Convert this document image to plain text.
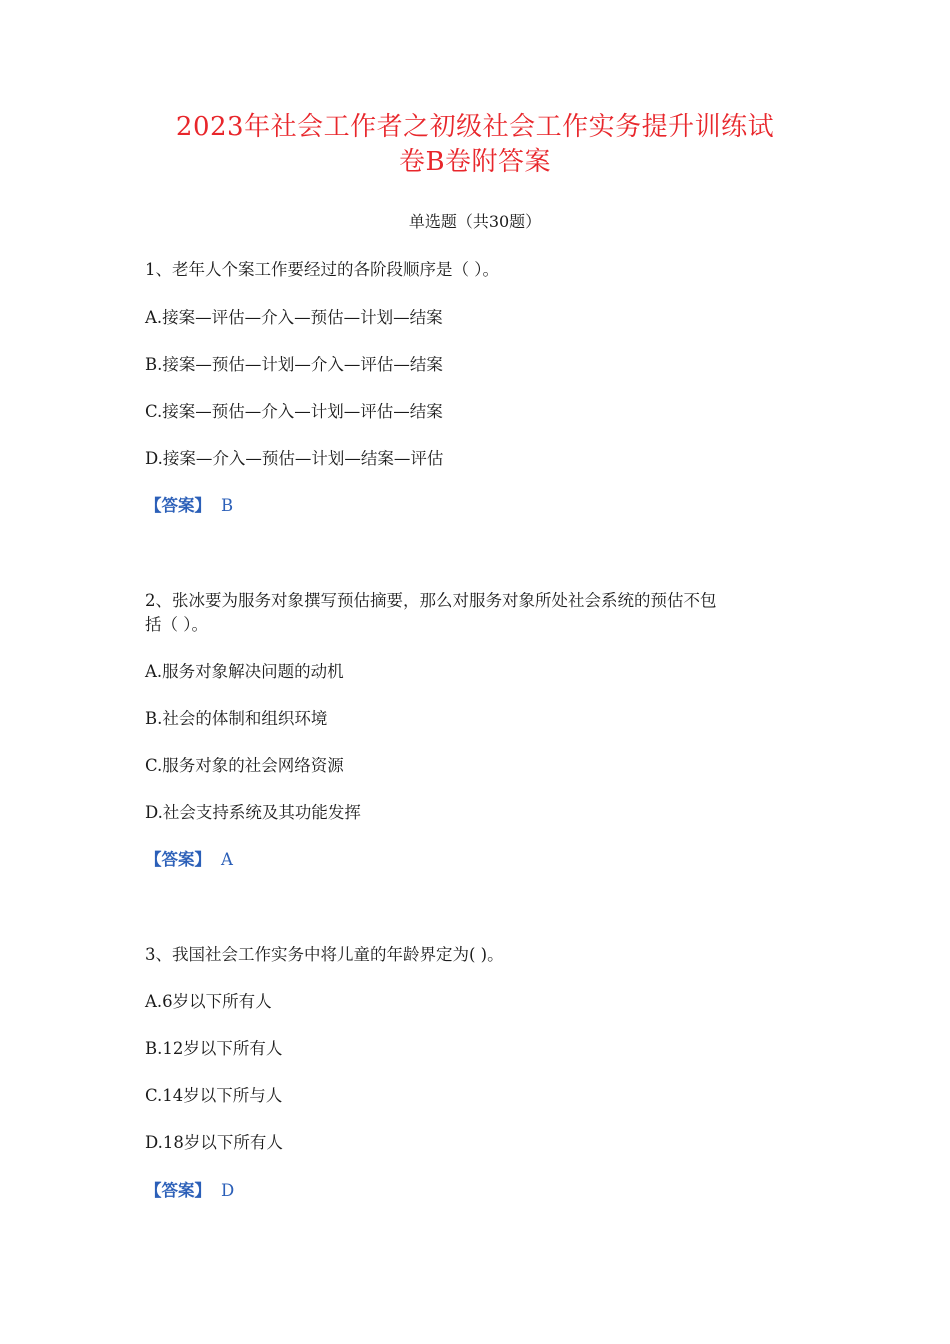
2023年社会工作者之初级社会工作实务提升训练试
卷B卷附答案
单选题（共30题）
1、老年人个案工作要经过的各阶段顺序是（ ）。
A.接案—评估—介入—预估—计划—结案
B.接案—预估—计划—介入—评估—结案
C.接案—预估—介入—计划—评估—结案
D.接案—介入—预估—计划—结案—评估
【答案】 B
2、张冰要为服务对象撰写预估摘要，那么对服务对象所处社会系统的预估不包
括（ ）。
A.服务对象解决问题的动机
B.社会的体制和组织环境
C.服务对象的社会网络资源
D.社会支持系统及其功能发挥
【答案】 A
3、我国社会工作实务中将儿童的年龄界定为( )。
A.6岁以下所有人
B.12岁以下所有人
C.14岁以下所与人
D.18岁以下所有人
【答案】 D
